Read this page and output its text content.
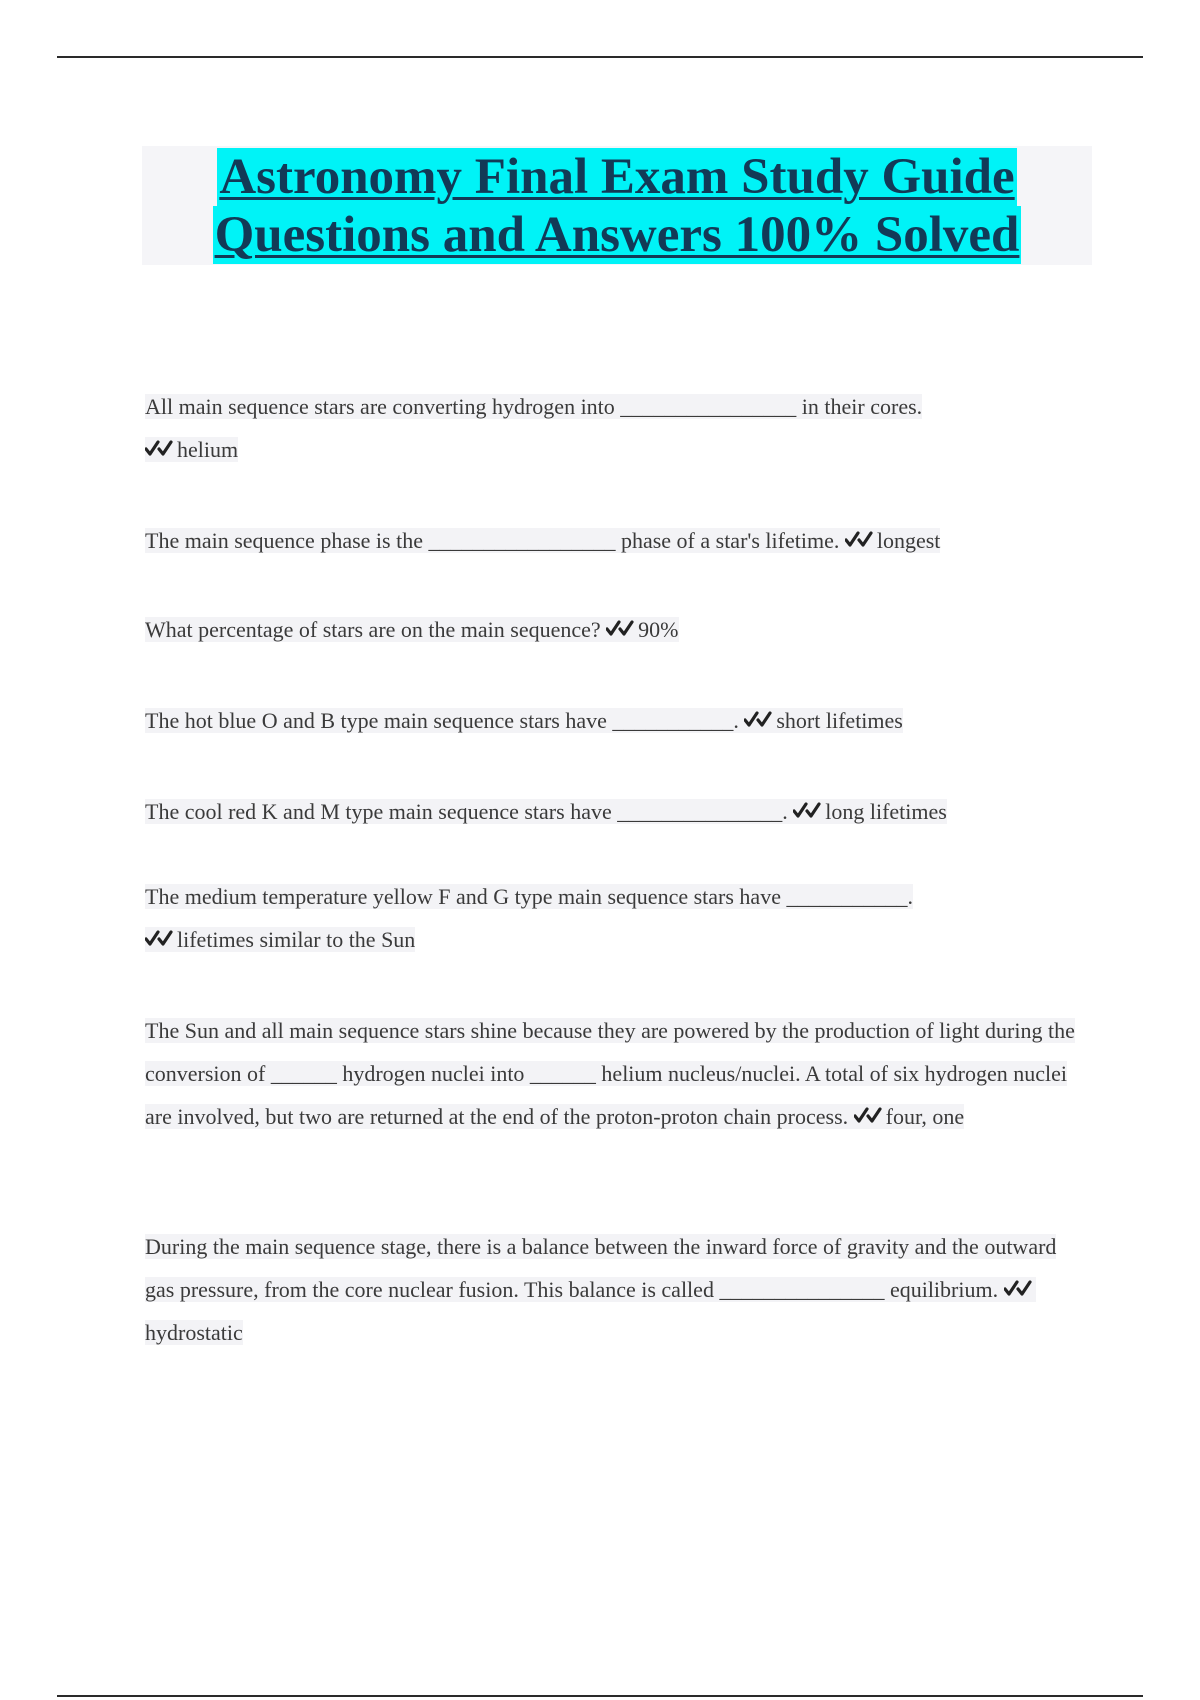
Astronomy Final Exam Study Guide
Questions and Answers 100% Solved
All main sequence stars are converting hydrogen into ________________ in their cores.

helium
The main sequence phase is the _________________ phase of a star's lifetime. longest
What percentage of stars are on the main sequence? 90%
The hot blue O and B type main sequence stars have ___________. short lifetimes
The cool red K and M type main sequence stars have _______________. long lifetimes
The medium temperature yellow F and G type main sequence stars have ___________.

lifetimes similar to the Sun
The Sun and all main sequence stars shine because they are powered by the production of light during the conversion of ______ hydrogen nuclei into ______ helium nucleus/nuclei. A total of six hydrogen nuclei are involved, but two are returned at the end of the proton-proton chain process. four, one
During the main sequence stage, there is a balance between the inward force of gravity and the outward gas pressure, from the core nuclear fusion. This balance is called _______________ equilibrium.
hydrostatic
